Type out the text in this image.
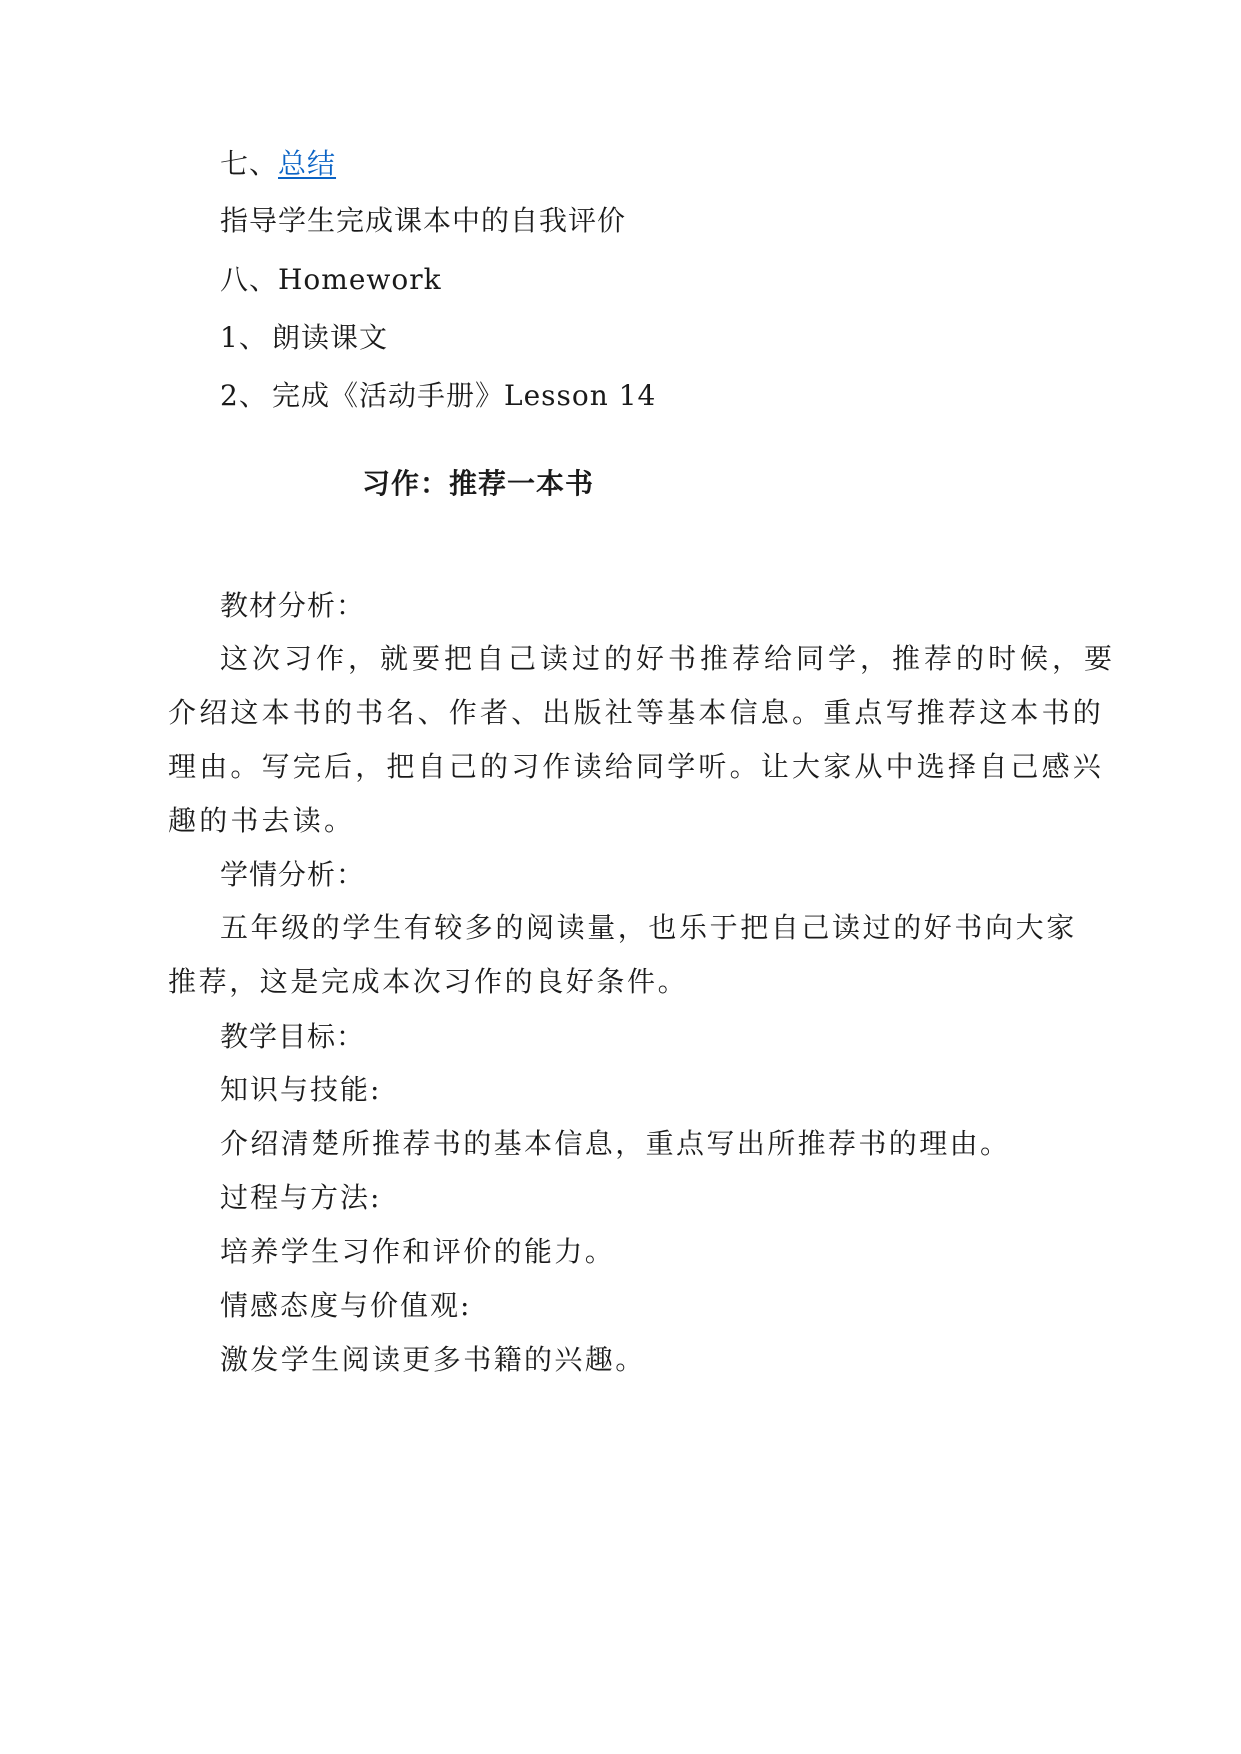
七、总结
指导学生完成课本中的自我评价
八、Homework
1、 朗读课文
2、 完成《活动手册》Lesson 14
习作：推荐一本书
教材分析：
这次习作，就要把自己读过的好书推荐给同学，推荐的时候，要
介绍这本书的书名、作者、出版社等基本信息。重点写推荐这本书的
理由。写完后，把自己的习作读给同学听。让大家从中选择自己感兴
趣的书去读。
学情分析：
五年级的学生有较多的阅读量，也乐于把自己读过的好书向大家
推荐，这是完成本次习作的良好条件。
教学目标：
知识与技能:
介绍清楚所推荐书的基本信息，重点写出所推荐书的理由。
过程与方法:
培养学生习作和评价的能力。
情感态度与价值观:
激发学生阅读更多书籍的兴趣。
